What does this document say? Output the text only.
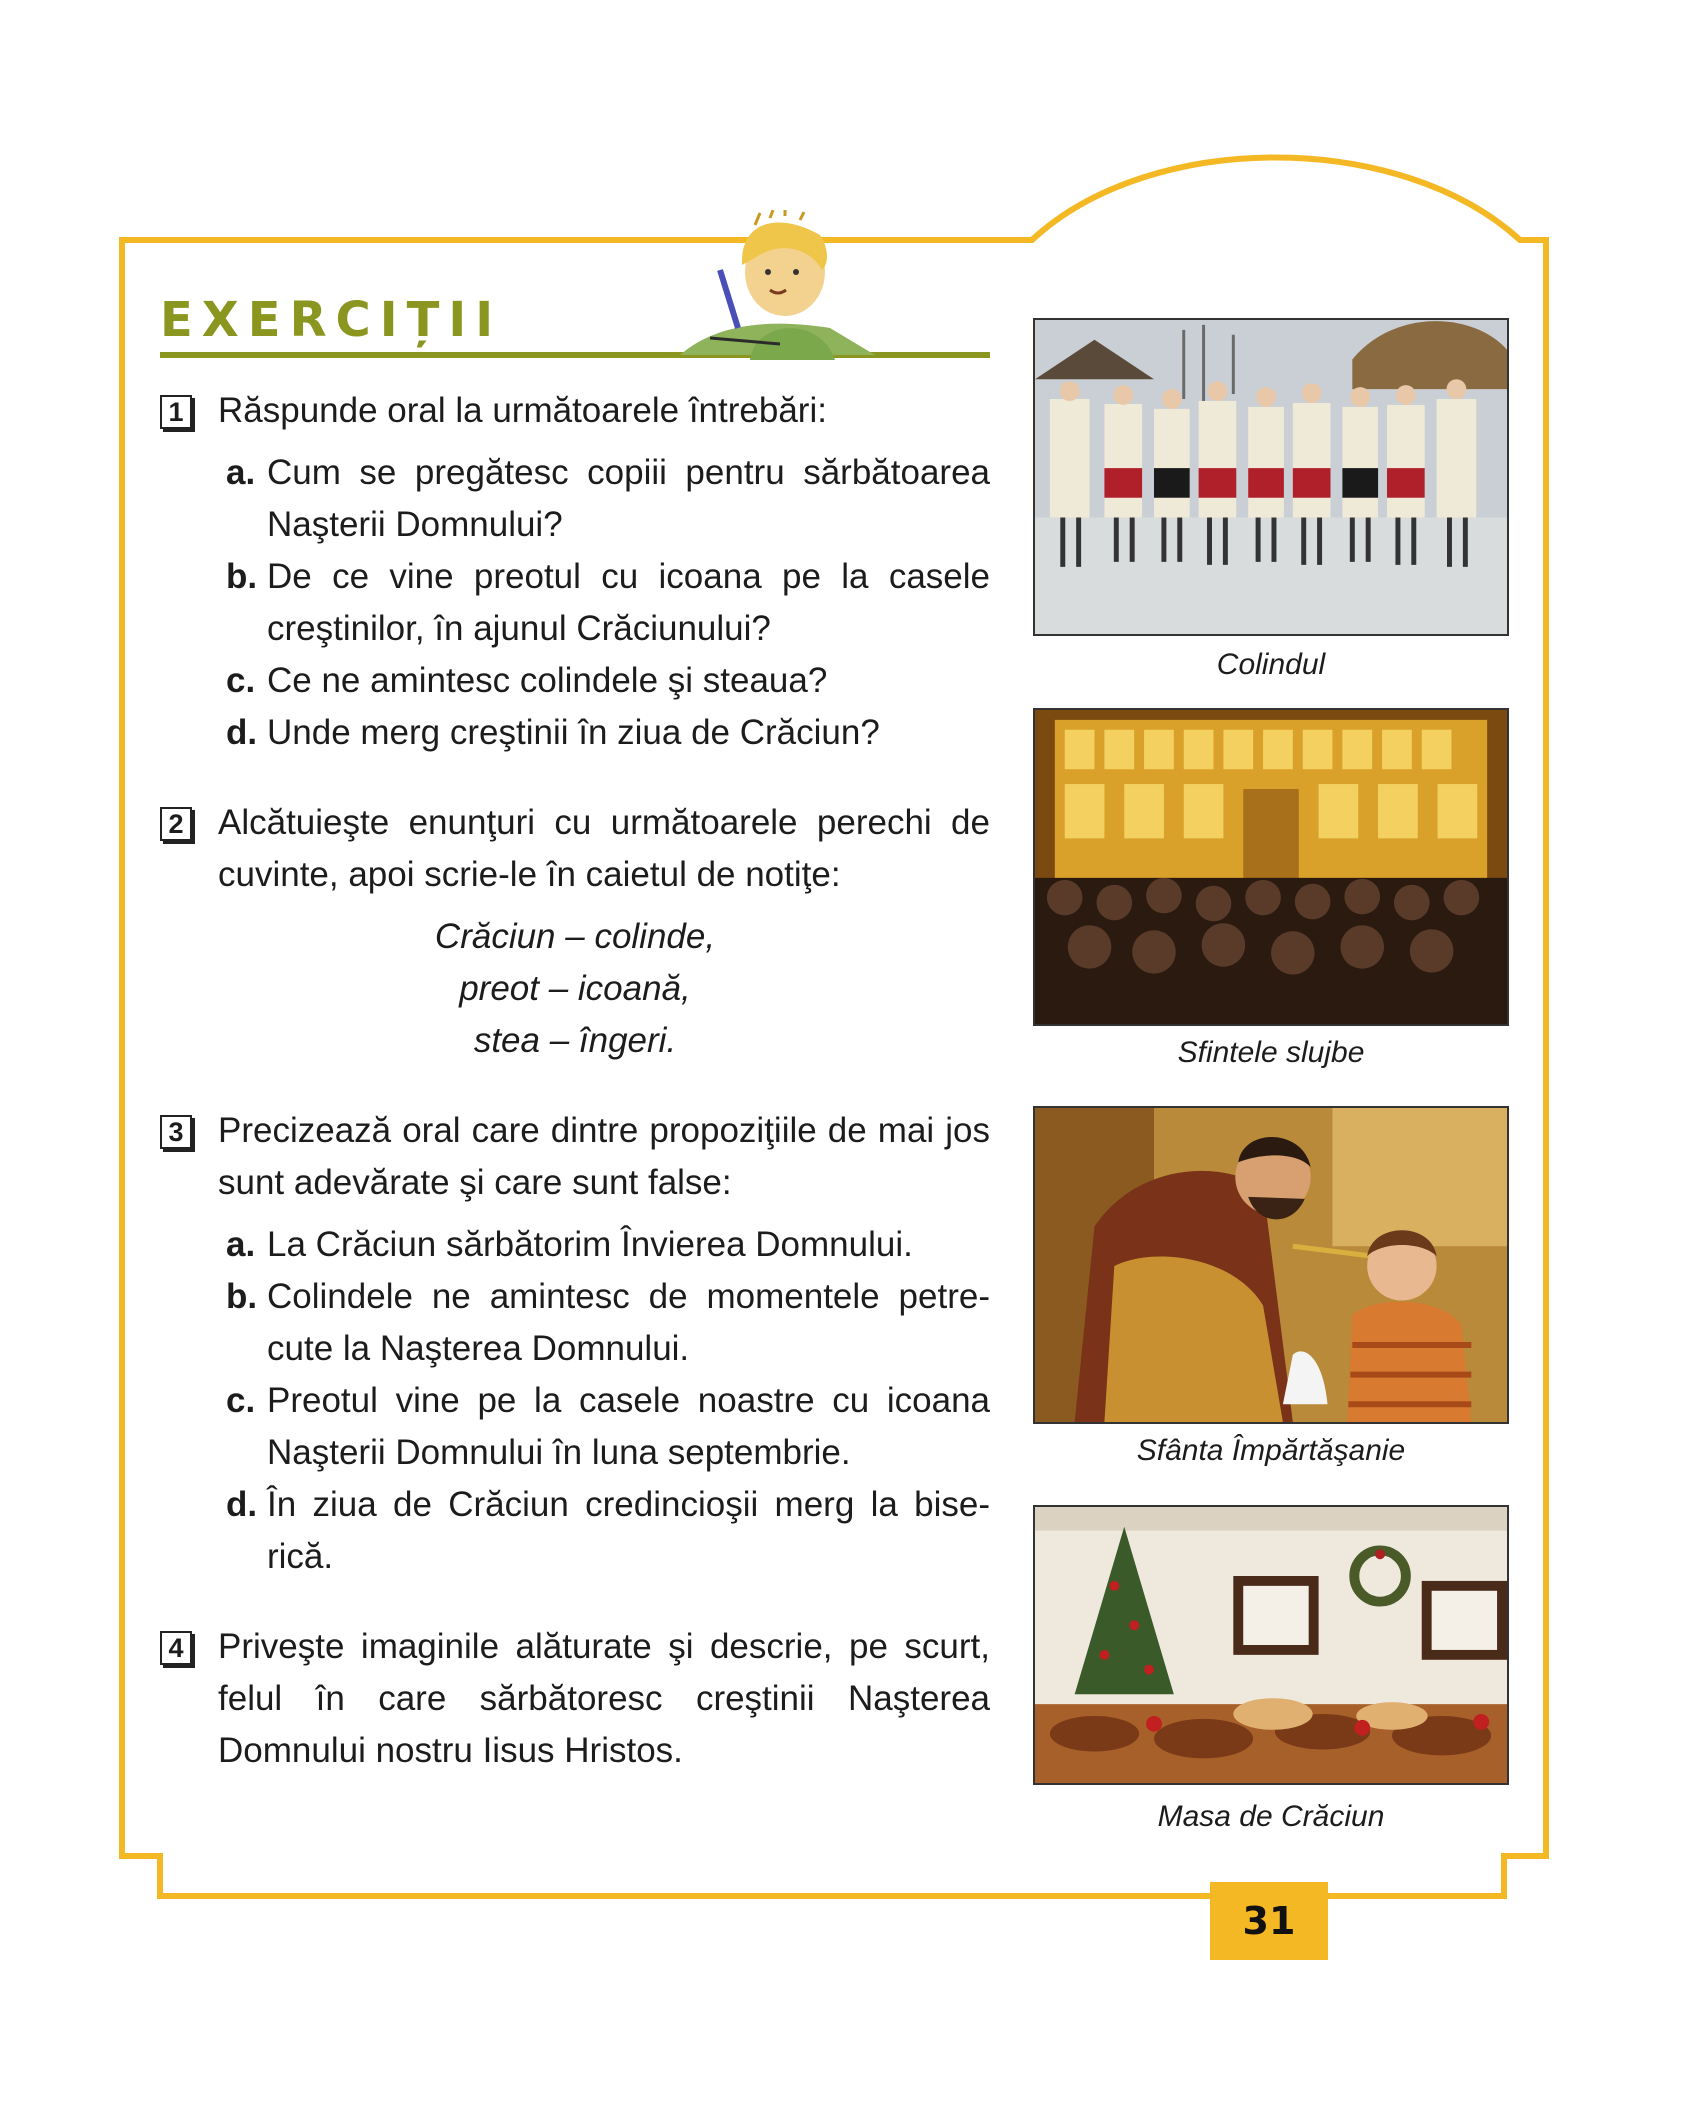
EXERCIȚII
1 Răspunde oral la următoarele întrebări:
a. Cum se pregătesc copiii pentru sărbătoarea Naşterii Domnului?
b. De ce vine preotul cu icoana pe la casele creştinilor, în ajunul Crăciunului?
c. Ce ne amintesc colindele şi steaua?
d. Unde merg creştinii în ziua de Crăciun?
2 Alcătuieşte enunţuri cu următoarele perechi de cuvinte, apoi scrie-le în caietul de notiţe:
Crăciun – colinde,
preot – icoană,
stea – îngeri.
3 Precizează oral care dintre propoziţiile de mai jos sunt adevărate şi care sunt false:
a. La Crăciun sărbătorim Învierea Domnului.
b. Colindele ne amintesc de momentele petrecute la Naşterea Domnului.
c. Preotul vine pe la casele noastre cu icoana Naşterii Domnului în luna septembrie.
d. În ziua de Crăciun credincioşii merg la biserică.
4 Priveşte imaginile alăturate şi descrie, pe scurt, felul în care sărbătoresc creştinii Naşterea Domnului nostru Iisus Hristos.
Colindul
Sfintele slujbe
Sfânta Împărtăşanie
Masa de Crăciun
31
